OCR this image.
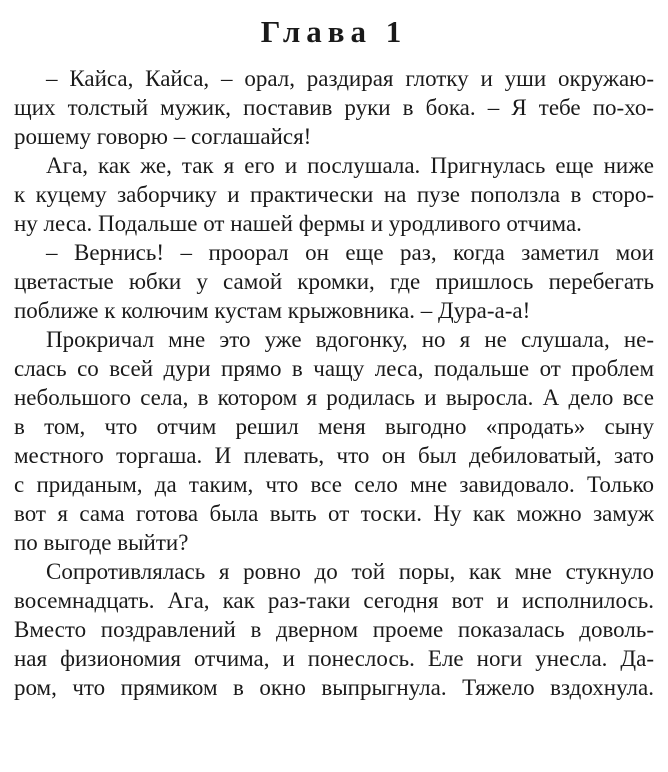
Глава 1
– Кайса, Кайса, – орал, раздирая глотку и уши окружаю-
щих толстый мужик, поставив руки в бока. – Я тебе по-хо-
рошему говорю – соглашайся!
Ага, как же, так я его и послушала. Пригнулась еще ниже
к куцему заборчику и практически на пузе поползла в сторо-
ну леса. Подальше от нашей фермы и уродливого отчима.
– Вернись! – проорал он еще раз, когда заметил мои
цветастые юбки у самой кромки, где пришлось перебегать
поближе к колючим кустам крыжовника. – Дура-а-а!
Прокричал мне это уже вдогонку, но я не слушала, не-
слась со всей дури прямо в чащу леса, подальше от проблем
небольшого села, в котором я родилась и выросла. А дело все
в том, что отчим решил меня выгодно «продать» сыну
местного торгаша. И плевать, что он был дебиловатый, зато
с приданым, да таким, что все село мне завидовало. Только
вот я сама готова была выть от тоски. Ну как можно замуж
по выгоде выйти?
Сопротивлялась я ровно до той поры, как мне стукнуло
восемнадцать. Ага, как раз-таки сегодня вот и исполнилось.
Вместо поздравлений в дверном проеме показалась доволь-
ная физиономия отчима, и понеслось. Еле ноги унесла. Да-
ром, что прямиком в окно выпрыгнула. Тяжело вздохнула.
